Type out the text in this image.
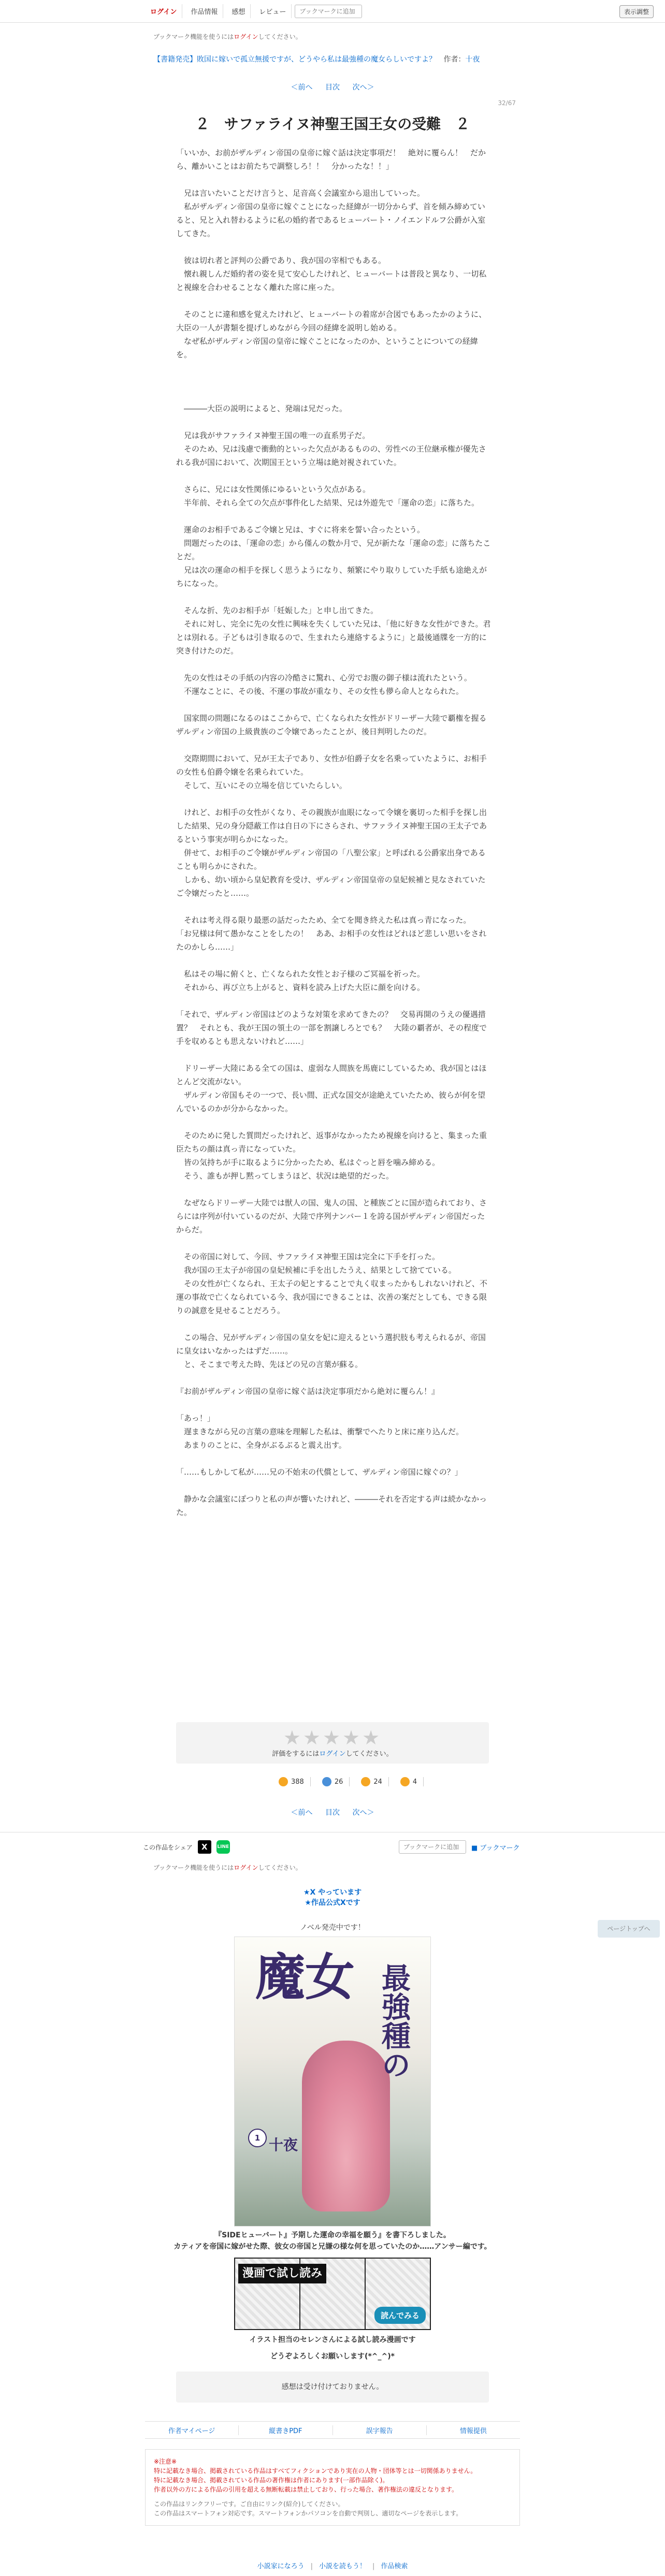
ログイン	作品情報	感想	レビュー
ブックマークに追加	表示調整
ブックマーク機能を使うにはログインしてください。
【書籍発売】敗国に嫁いで孤立無援ですが、どうやら私は最強種の魔女らしいですよ？ 作者：十夜
＜前へ 目次 次へ＞
32/67
２　サファライヌ神聖王国王女の受難　２

「いいか、お前がザルディン帝国の皇帝に嫁ぐ話は決定事項だ！　絶対に覆らん！　だから、離かいことはお前たちで調整しろ！！　分かったな！！」

　兄は言いたいことだけ言うと、足音高く会議室から退出していった。

　私がザルディン帝国の皇帝に嫁ぐことになった経緯が一切分からず、首を傾み締めていると、兄と入れ替わるように私の婚約者であるヒューバート・ノイエンドルフ公爵が入室してきた。

　彼は切れ者と評判の公爵であり、我が国の宰相でもある。

　懐れ親しんだ婚約者の姿を見て安心したけれど、ヒューバートは普段と異なり、一切私と視線を合わせることなく離れた席に座った。

　そのことに違和感を覚えたけれど、ヒューバートの着席が合図でもあったかのように、大臣の一人が書類を提げしめながら今回の経緯を説明し始める。

　なぜ私がザルディン帝国の皇帝に嫁ぐことになったのか、ということについての経緯を。

　―――大臣の説明によると、発端は兄だった。

　兄は我がサファライヌ神聖王国の唯一の直系男子だ。

　そのため、兄は浅慮で衝動的といった欠点があるものの、労性ベの王位継承権が優先される我が国において、次期国王という立場は絶対視されていた。

　さらに、兄には女性関係にゆるいという欠点がある。

　半年前、それら全ての欠点が事件化した結果、兄は外遊先で「運命の恋」に落ちた。

　運命のお相手であるご令嬢と兄は、すぐに将来を誓い合ったという。

　問題だったのは、「運命の恋」から僅んの数か月で、兄が新たな「運命の恋」に落ちたことだ。

　兄は次の運命の相手を探しく思うようになり、頻繁にやり取りしていた手紙も途絶えがちになった。

　そんな折、先のお相手が「妊娠した」と申し出てきた。

　それに対し、完全に先の女性に興味を失くしていた兄は、「他に好きな女性ができた。君とは別れる。子どもは引き取るので、生まれたら連絡するように」と最後通牒を一方的に突き付けたのだ。

　先の女性はその手紙の内容の冷酷さに驚れ、心労でお腹の御子様は流れたという。

　不運なことに、その後、不運の事故が重なり、その女性も儚ら命人となられた。

　国家間の問題になるのはここからで、亡くなられた女性がドリーザー大陸で覇権を握るザルディン帝国の上級貴族のご令嬢であったことが、後日判明したのだ。

　交際期間において、兄が王太子であり、女性が伯爵子女を名乗っていたように、お相手の女性も伯爵令嬢を名乗られていた。

　そして、互いにその立場を信じていたらしい。

　けれど、お相手の女性がくなり、その親族が血眼になって令嬢を裏切った相手を探し出した結果、兄の身分隠蔽工作は自日の下にさらされ、サファライヌ神聖王国の王太子であるという事実が明らかになった。

　併せて、お相手のご令嬢がザルディン帝国の「八聖公家」と呼ばれる公爵家出身であることも明らかにされた。

　しかも、幼い頃から皇妃教育を受け、ザルディン帝国皇帝の皇妃候補と見なされていたご令嬢だったと……。

　それは考え得る限り最悪の話だったため、全てを聞き終えた私は真っ青になった。

「お兄様は何て愚かなことをしたの！　ああ、お相手の女性はどれほど悲しい思いをされたのかしら……」

　私はその場に俯くと、亡くなられた女性とお子様のご冥福を祈った。

　それから、再び立ち上がると、資料を読み上げた大臣に顔を向ける。

「それで、ザルディン帝国はどのような対策を求めてきたの？　交易再開のうえの優遇措置？　それとも、我が王国の領土の一部を割譲しろとでも？　大陸の覇者が、その程度で手を収めるとも思えないけれど……」

　ドリーザー大陸にある全ての国は、虚弱な人間族を馬鹿にしているため、我が国とはほとんど交流がない。

　ザルディン帝国もその一つで、長い間、正式な国交が途絶えていたため、彼らが何を望んでいるのかが分からなかった。

　そのために発した質問だったけれど、返事がなかったため視線を向けると、集まった重臣たちの顔は真っ青になっていた。

　皆の気持ちが手に取るように分かったため、私はぐっと唇を噛み締める。

　そう、誰もが押し黙ってしまうほど、状況は絶望的だった。

　なぜならドリーザー大陸では獣人の国、鬼人の国、と種族ごとに国が造られており、さらには序列が付いているのだが、大陸で序列ナンバー１を誇る国がザルディン帝国だったからだ。

　その帝国に対して、今回、サファライヌ神聖王国は完全に下手を打った。

　我が国の王太子が帝国の皇妃候補に手を出したうえ、結果として捨てている。

　その女性が亡くなられ、王太子の妃とすることで丸く収まったかもしれないけれど、不運の事故で亡くなられている今、我が国にできることは、次善の案だとしても、できる限りの誠意を見せることだろう。

　この場合、兄がザルディン帝国の皇女を妃に迎えるという選択肢も考えられるが、帝国に皇女はいなかったはずだ……。

　と、そこまで考えた時、先ほどの兄の言葉が蘇る。

『お前がザルディン帝国の皇帝に嫁ぐ話は決定事項だから絶対に覆らん！』

「あっ！」

　遅まきながら兄の言葉の意味を理解した私は、衝撃でへたりと床に座り込んだ。

　あまりのことに、全身がぶるぶると震え出す。

「……もしかして私が……兄の不始末の代償として、ザルディン帝国に嫁ぐの？」

　静かな会議室にぽつりと私の声が響いたけれど、―――それを否定する声は続かなかった。

★★★★★
評価をするにはログインしてください。
388	26	24	4
＜前へ 目次 次へ＞
この作品をシェア	X	LINE
ブックマークに追加	■ ブックマーク
ブックマーク機能を使うにはログインしてください。
ページトップへ
★X やっています
★作品公式Xです
ノベル発売中です！
魔女 最強種の
1 十夜
『SIDEヒューバート』予期した運命の幸福を願う』を書下ろしました。
カティアを帝国に嫁がせた際、彼女の帝国と兄嫌の様な何を思っていたのか……アンサー編です。
漫画で試し読み
読んでみる
イラスト担当のセレンさんによる試し読み漫画です
どうぞよろしくお願いします(*^_^)*
感想は受け付けておりません。
作者マイページ	縦書きPDF	誤字報告	情報提供
※注意※
特に記載なき場合、掲載されている作品はすべてフィクションであり実在の人物・団体等とは一切関係ありません。
特に記載なき場合、掲載されている作品の著作権は作者にあります(一部作品除く)。
作者以外の方による作品の引用を超える無断転載は禁止しており、行った場合、著作権法の違反となります。
この作品はリンクフリーです。ご自由にリンク(紹介)してください。
この作品はスマートフォン対応です。スマートフォンかパソコンを自動で判別し、適切なページを表示します。
小説家になろう | 小説を読もう！ | 作品検索
